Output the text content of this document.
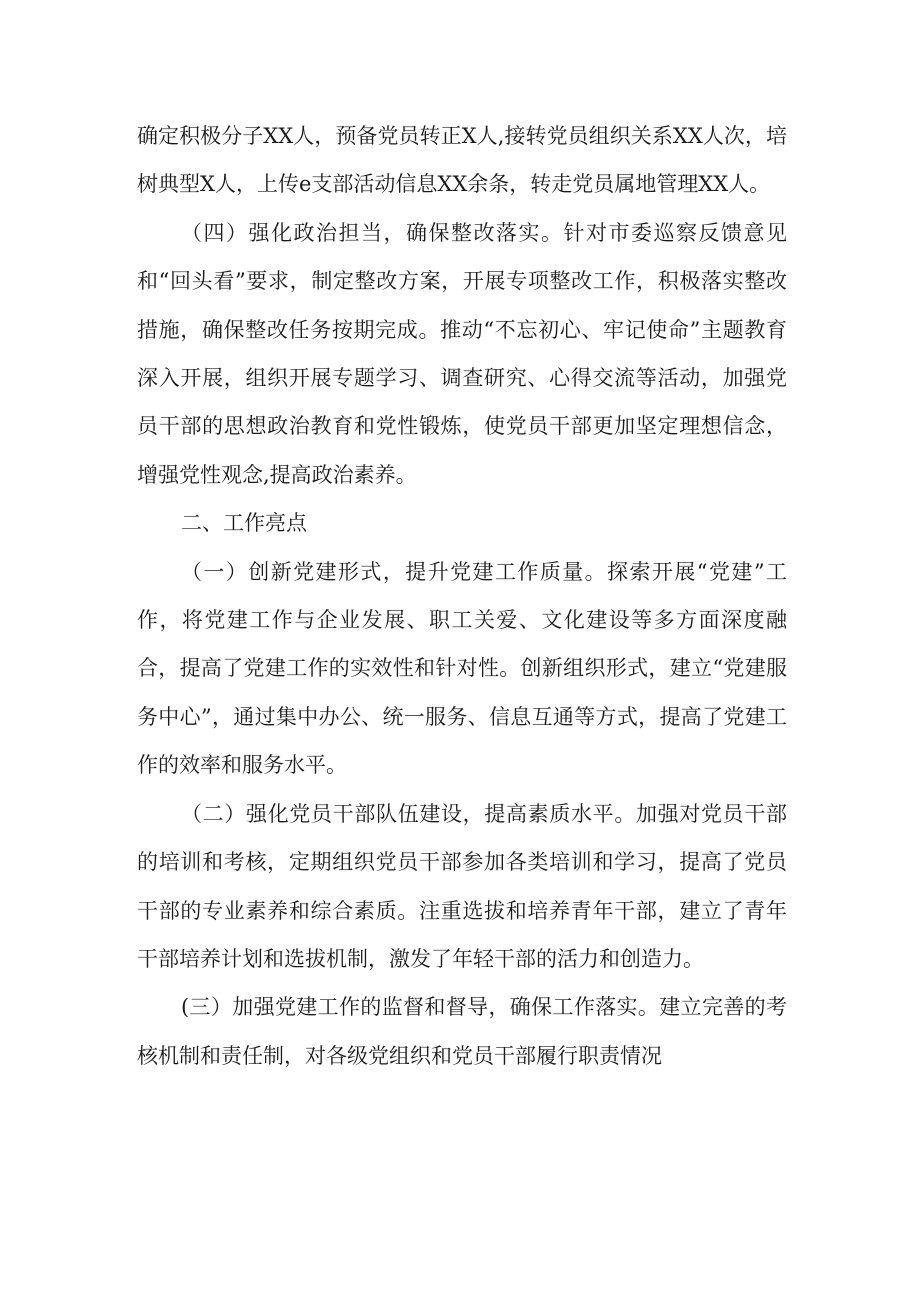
确定积极分子XX人，预备党员转正X人,接转党员组织关系XX人次，培树典型X人，上传e支部活动信息XX余条，转走党员属地管理XX人。

（四）强化政治担当，确保整改落实。针对市委巡察反馈意见和“回头看”要求，制定整改方案，开展专项整改工作，积极落实整改措施，确保整改任务按期完成。推动“不忘初心、牢记使命”主题教育深入开展，组织开展专题学习、调查研究、心得交流等活动，加强党员干部的思想政治教育和党性锻炼，使党员干部更加坚定理想信念，增强党性观念,提高政治素养。

二、工作亮点

（一）创新党建形式，提升党建工作质量。探索开展“党建”工作，将党建工作与企业发展、职工关爱、文化建设等多方面深度融合，提高了党建工作的实效性和针对性。创新组织形式，建立“党建服务中心”，通过集中办公、统一服务、信息互通等方式，提高了党建工作的效率和服务水平。

（二）强化党员干部队伍建设，提高素质水平。加强对党员干部的培训和考核，定期组织党员干部参加各类培训和学习，提高了党员干部的专业素养和综合素质。注重选拔和培养青年干部，建立了青年干部培养计划和选拔机制，激发了年轻干部的活力和创造力。

(三）加强党建工作的监督和督导，确保工作落实。建立完善的考核机制和责任制，对各级党组织和党员干部履行职责情况
